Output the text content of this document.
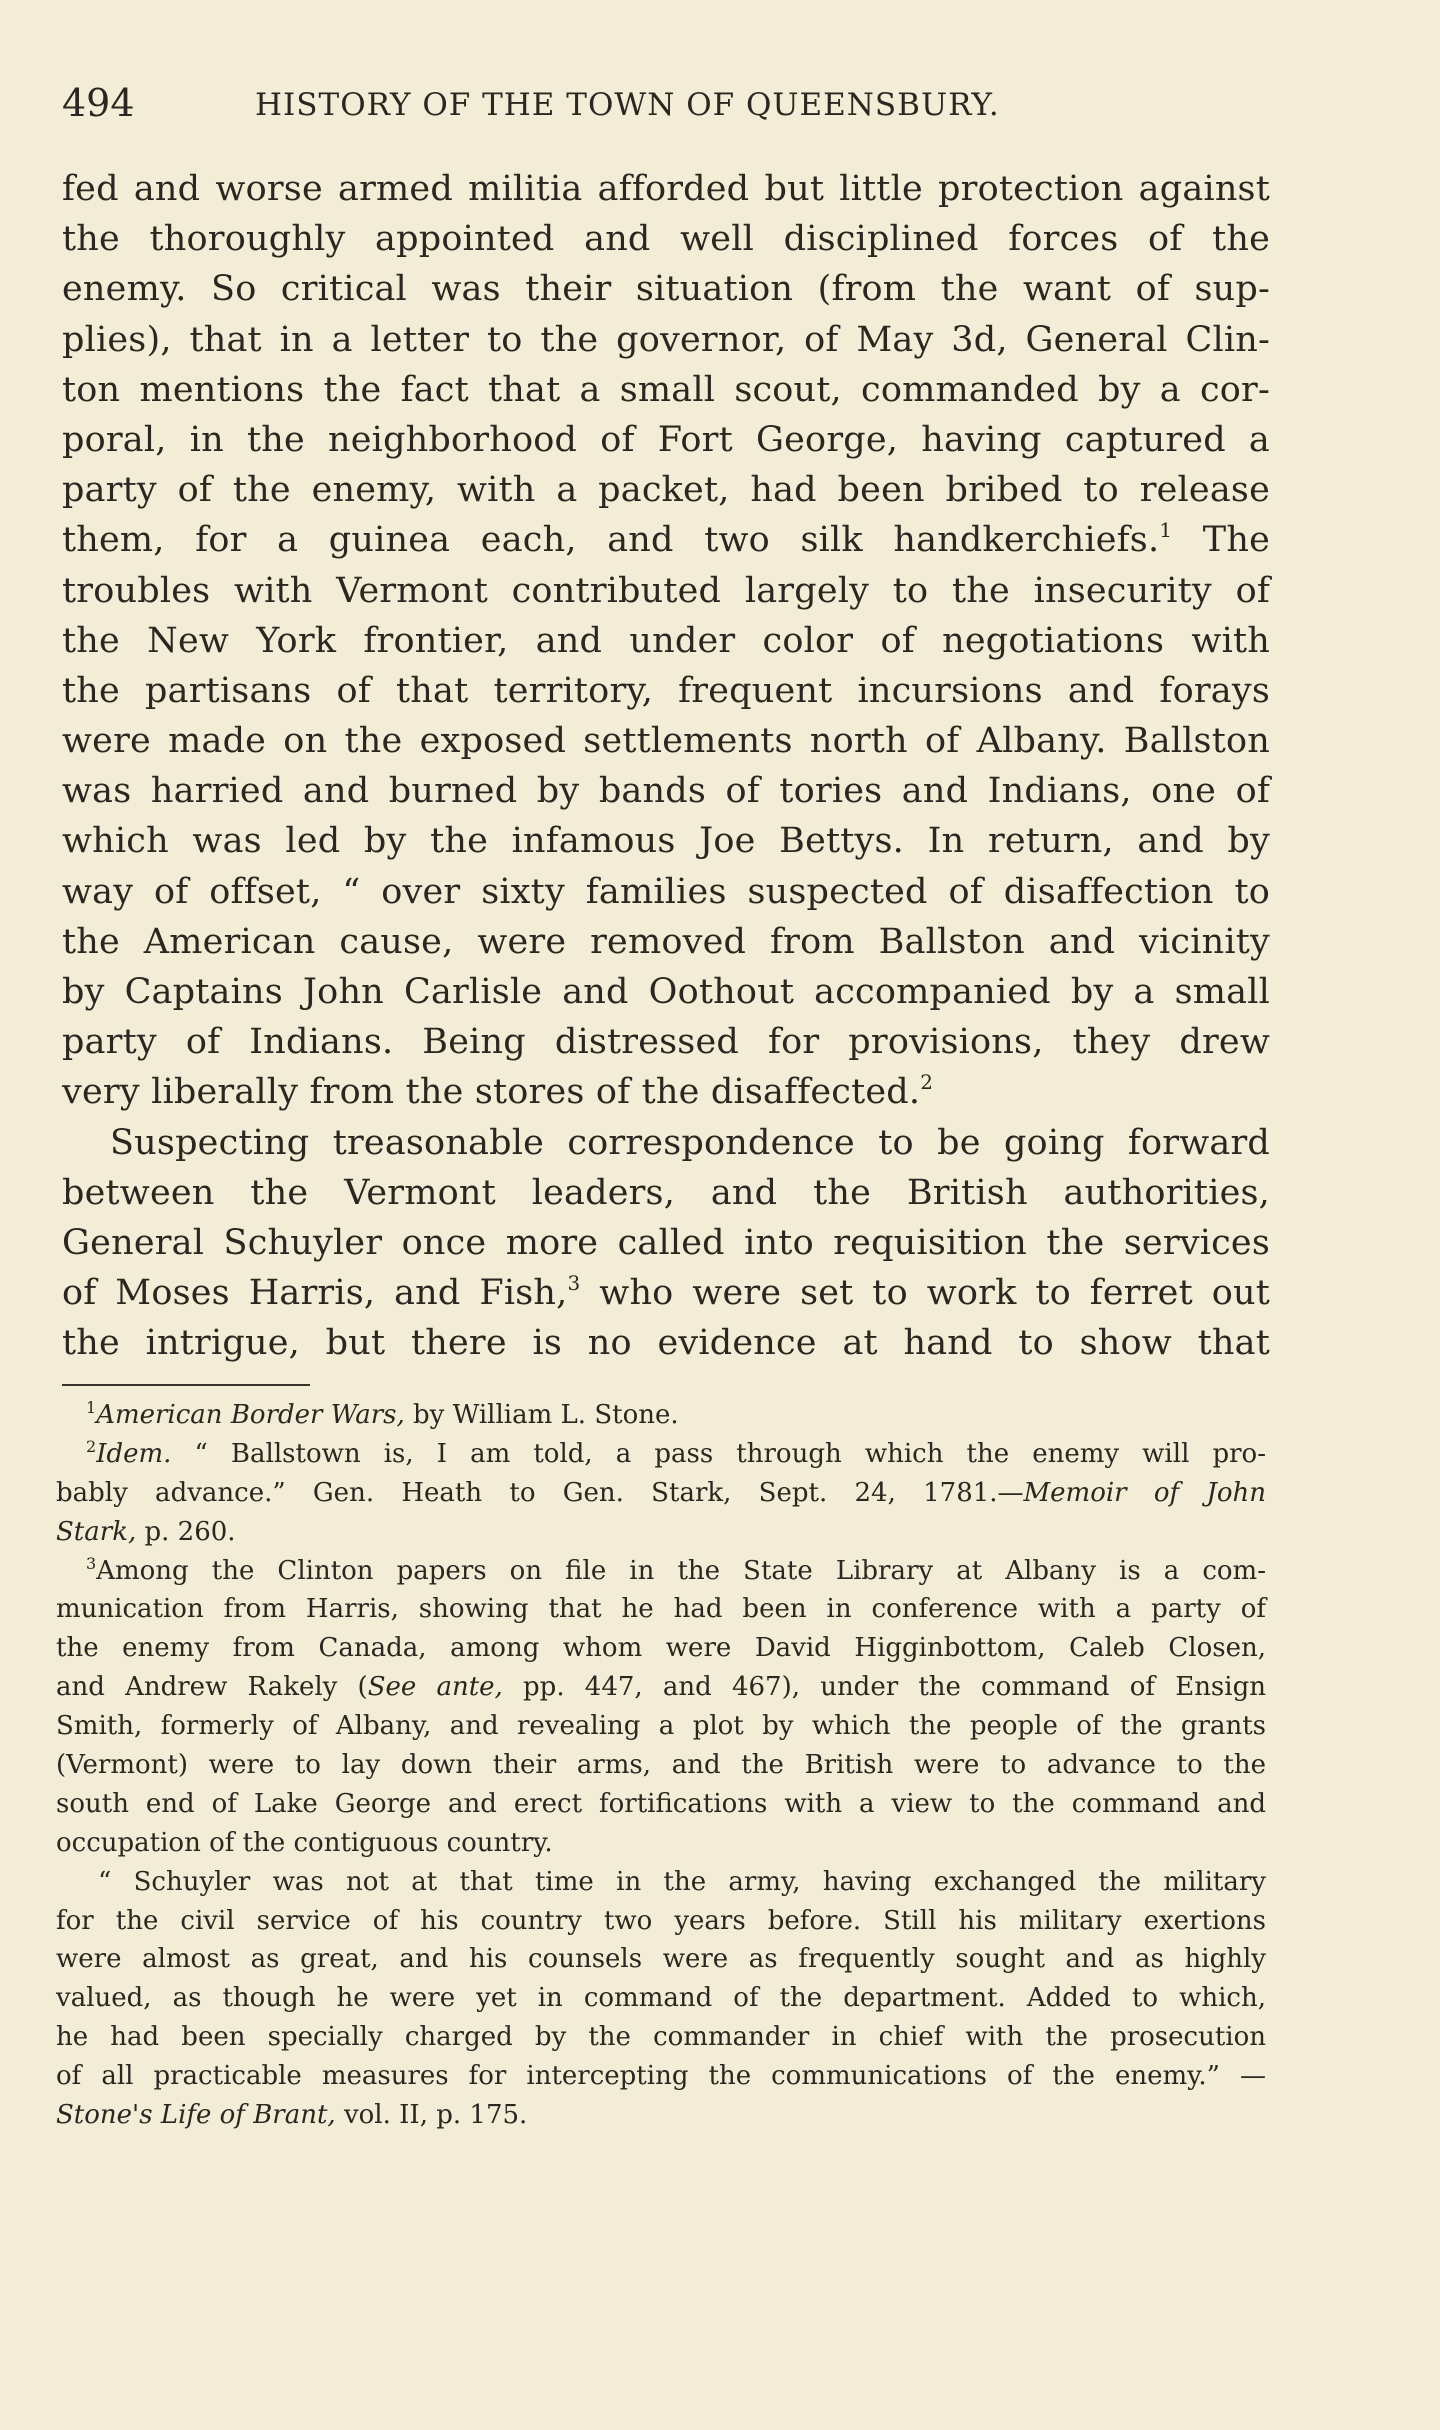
494	HISTORY OF THE TOWN OF QUEENSBURY.
fed and worse armed militia afforded but little protection against
the thoroughly appointed and well disciplined forces of the
enemy. So critical was their situation (from the want of sup-
plies), that in a letter to the governor, of May 3d, General Clin-
ton mentions the fact that a small scout, commanded by a cor-
poral, in the neighborhood of Fort George, having captured a
party of the enemy, with a packet, had been bribed to release
them, for a guinea each, and two silk handkerchiefs.$^1$ The
troubles with Vermont contributed largely to the insecurity of
the New York frontier, and under color of negotiations with
the partisans of that territory, frequent incursions and forays
were made on the exposed settlements north of Albany. Ballston
was harried and burned by bands of tories and Indians, one of
which was led by the infamous Joe Bettys. In return, and by
way of offset, “ over sixty families suspected of disaffection to
the American cause, were removed from Ballston and vicinity
by Captains John Carlisle and Oothout accompanied by a small
party of Indians. Being distressed for provisions, they drew
very liberally from the stores of the disaffected.$^2$
Suspecting treasonable correspondence to be going forward
between the Vermont leaders, and the British authorities,
General Schuyler once more called into requisition the services
of Moses Harris, and Fish,$^3$ who were set to work to ferret out
the intrigue, but there is no evidence at hand to show that
$^1$American Border Wars, by William L. Stone.
$^2$Idem. “ Ballstown is, I am told, a pass through which the enemy will pro-
bably advance.” Gen. Heath to Gen. Stark, Sept. 24, 1781.—Memoir of John
Stark, p. 260.
$^3$Among the Clinton papers on file in the State Library at Albany is a com-
munication from Harris, showing that he had been in conference with a party of
the enemy from Canada, among whom were David Higginbottom, Caleb Closen,
and Andrew Rakely (See ante, pp. 447, and 467), under the command of Ensign
Smith, formerly of Albany, and revealing a plot by which the people of the grants
(Vermont) were to lay down their arms, and the British were to advance to the
south end of Lake George and erect fortifications with a view to the command and
occupation of the contiguous country.
“ Schuyler was not at that time in the army, having exchanged the military
for the civil service of his country two years before. Still his military exertions
were almost as great, and his counsels were as frequently sought and as highly
valued, as though he were yet in command of the department. Added to which,
he had been specially charged by the commander in chief with the prosecution
of all practicable measures for intercepting the communications of the enemy.” —
Stone's Life of Brant, vol. II, p. 175.
